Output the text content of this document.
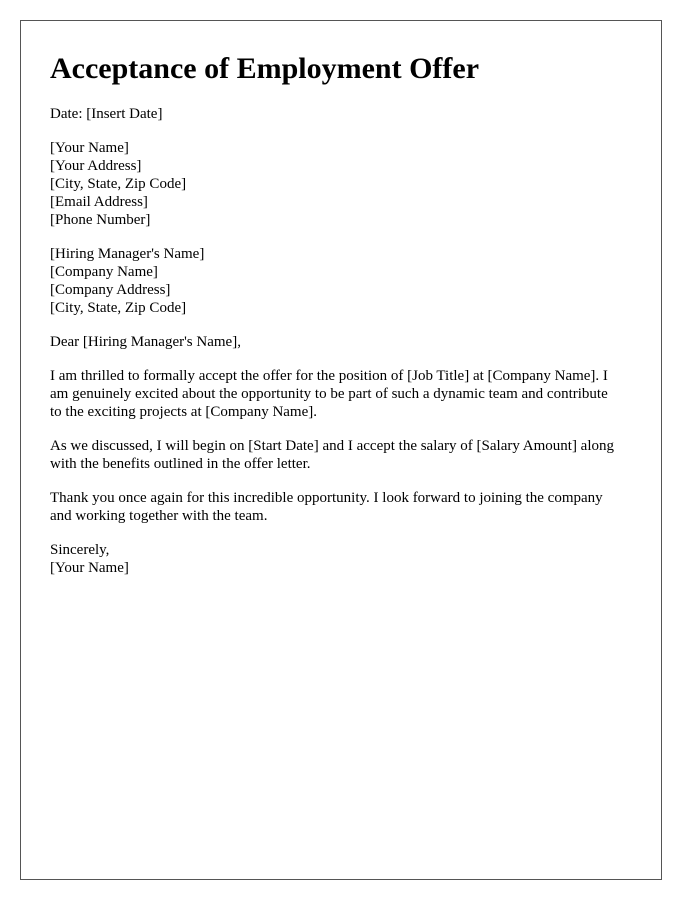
Acceptance of Employment Offer
Date: [Insert Date]
[Your Name]
[Your Address]
[City, State, Zip Code]
[Email Address]
[Phone Number]
[Hiring Manager's Name]
[Company Name]
[Company Address]
[City, State, Zip Code]

Dear [Hiring Manager's Name],

I am thrilled to formally accept the offer for the position of [Job Title] at [Company Name]. I am genuinely excited about the opportunity to be part of such a dynamic team and contribute to the exciting projects at [Company Name].

As we discussed, I will begin on [Start Date] and I accept the salary of [Salary Amount] along with the benefits outlined in the offer letter.

Thank you once again for this incredible opportunity. I look forward to joining the company and working together with the team.

Sincerely,
[Your Name]
